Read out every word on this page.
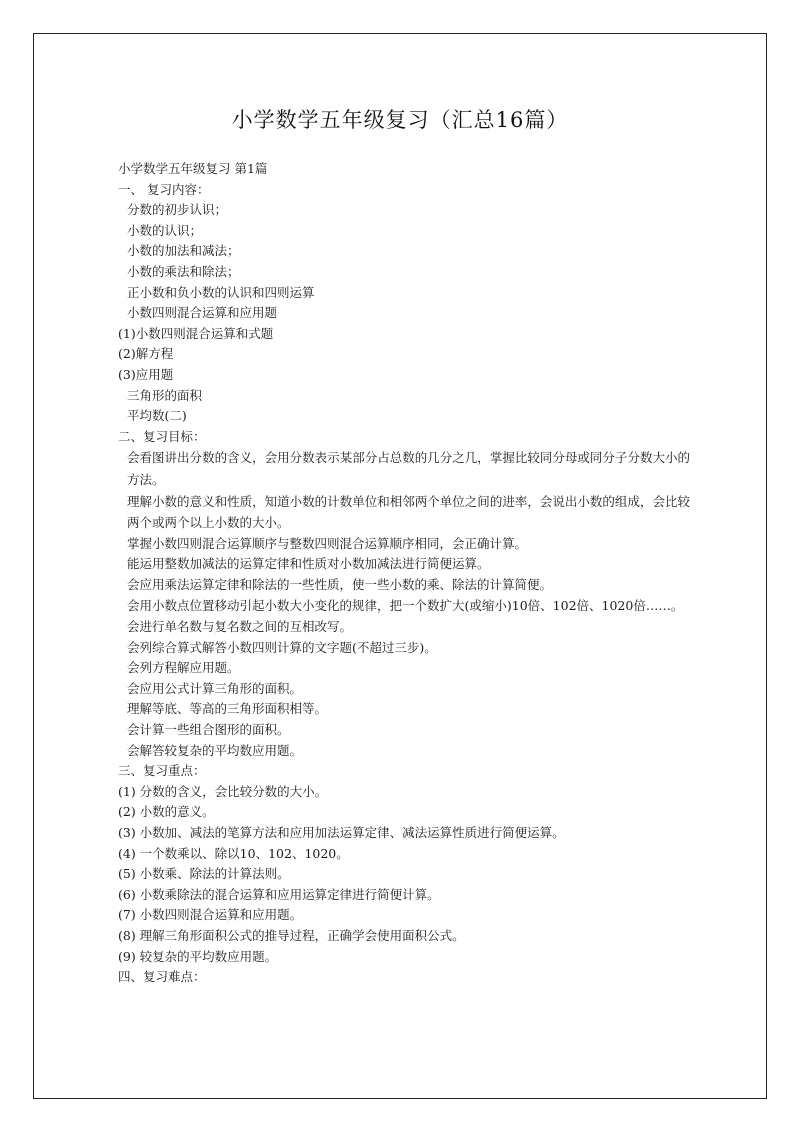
小学数学五年级复习（汇总16篇）
小学数学五年级复习 第1篇
一、 复习内容：
分数的初步认识；
小数的认识；
小数的加法和减法；
小数的乘法和除法；
正小数和负小数的认识和四则运算
小数四则混合运算和应用题
(1)小数四则混合运算和式题
(2)解方程
(3)应用题
三角形的面积
平均数(二)
二、复习目标：
会看图讲出分数的含义，会用分数表示某部分占总数的几分之几，掌握比较同分母或同分子分数大小的方法。
理解小数的意义和性质，知道小数的计数单位和相邻两个单位之间的进率，会说出小数的组成，会比较两个或两个以上小数的大小。
掌握小数四则混合运算顺序与整数四则混合运算顺序相同，会正确计算。
能运用整数加减法的运算定律和性质对小数加减法进行简便运算。
会应用乘法运算定律和除法的一些性质，使一些小数的乘、除法的计算简便。
会用小数点位置移动引起小数大小变化的规律，把一个数扩大(或缩小)10倍、102倍、1020倍……。
会进行单名数与复名数之间的互相改写。
会列综合算式解答小数四则计算的文字题(不超过三步)。
会列方程解应用题。
会应用公式计算三角形的面积。
理解等底、等高的三角形面积相等。
会计算一些组合图形的面积。
会解答较复杂的平均数应用题。
三、复习重点：
(1) 分数的含义，会比较分数的大小。
(2) 小数的意义。
(3) 小数加、减法的笔算方法和应用加法运算定律、减法运算性质进行简便运算。
(4) 一个数乘以、除以10、102、1020。
(5) 小数乘、除法的计算法则。
(6) 小数乘除法的混合运算和应用运算定律进行简便计算。
(7) 小数四则混合运算和应用题。
(8) 理解三角形面积公式的推导过程，正确学会使用面积公式。
(9) 较复杂的平均数应用题。
四、复习难点：
